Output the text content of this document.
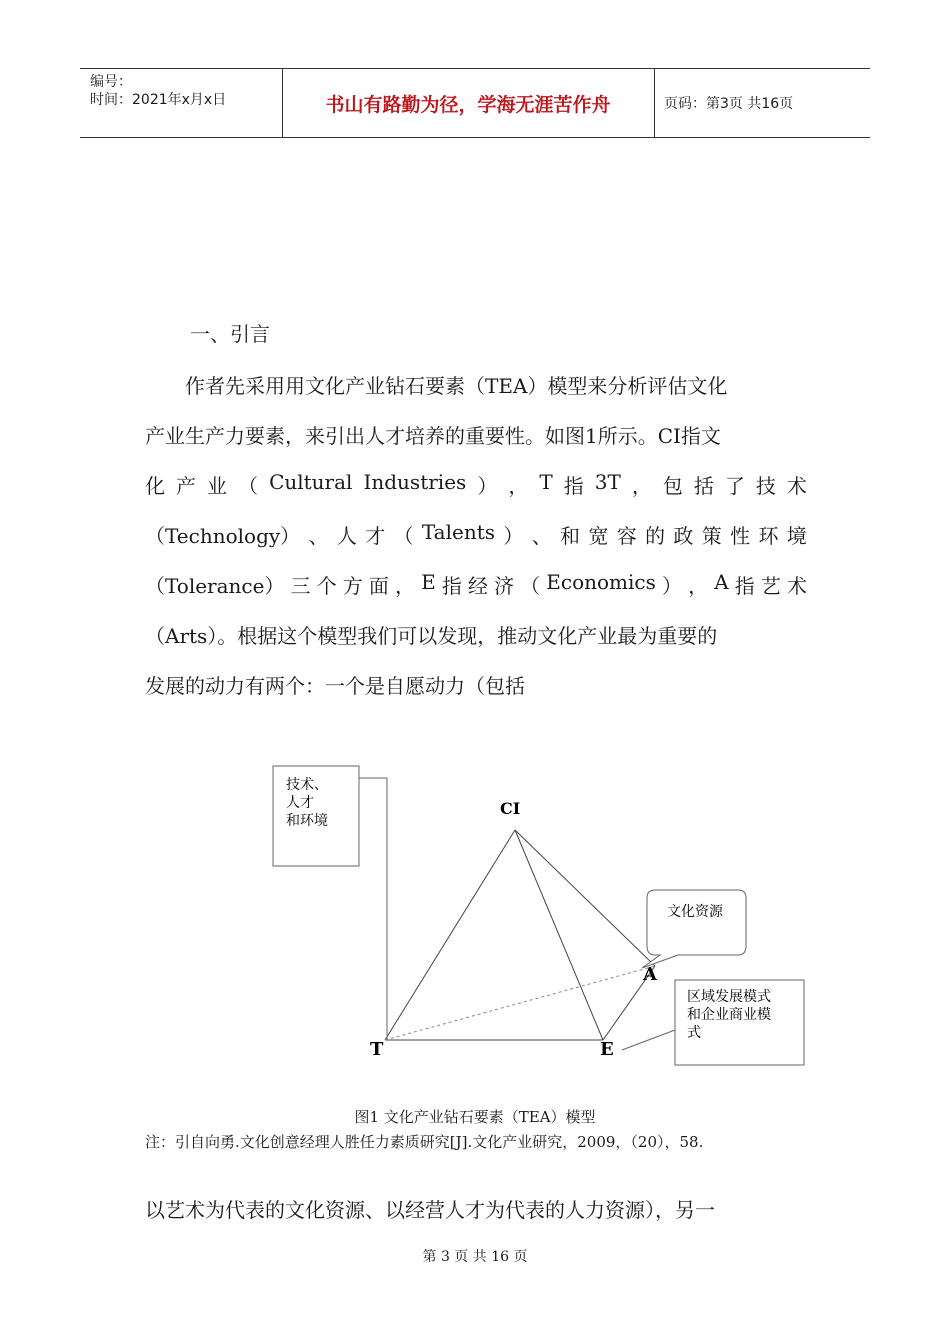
编号：
时间：2021年x月x日	书山有路勤为径，学海无涯苦作舟	页码：第3页 共16页
一、引言
　　作者先采用用文化产业钻石要素（TEA）模型来分析评估文化
产业生产力要素，来引出人才培养的重要性。如图1所示。CI指文
化 产 业 （ Cultural Industries ） ， T 指 3T ， 包 括 了 技 术
（Technology） 、 人 才 （ Talents ） 、 和 宽 容 的 政 策 性 环 境
（Tolerance） 三 个 方 面 ， E 指 经 济 （ Economics ） ， A 指 艺 术
（Arts）。根据这个模型我们可以发现，推动文化产业最为重要的
发展的动力有两个：一个是自愿动力（包括
技术、
人才
和环境
文化资源
区域发展模式
和企业商业模
式
CI
T	E
A
图1 文化产业钻石要素（TEA）模型
注：引自向勇.文化创意经理人胜任力素质研究[J].文化产业研究，2009，（20），58.
以艺术为代表的文化资源、以经营人才为代表的人力资源），另一
第 3 页 共 16 页
